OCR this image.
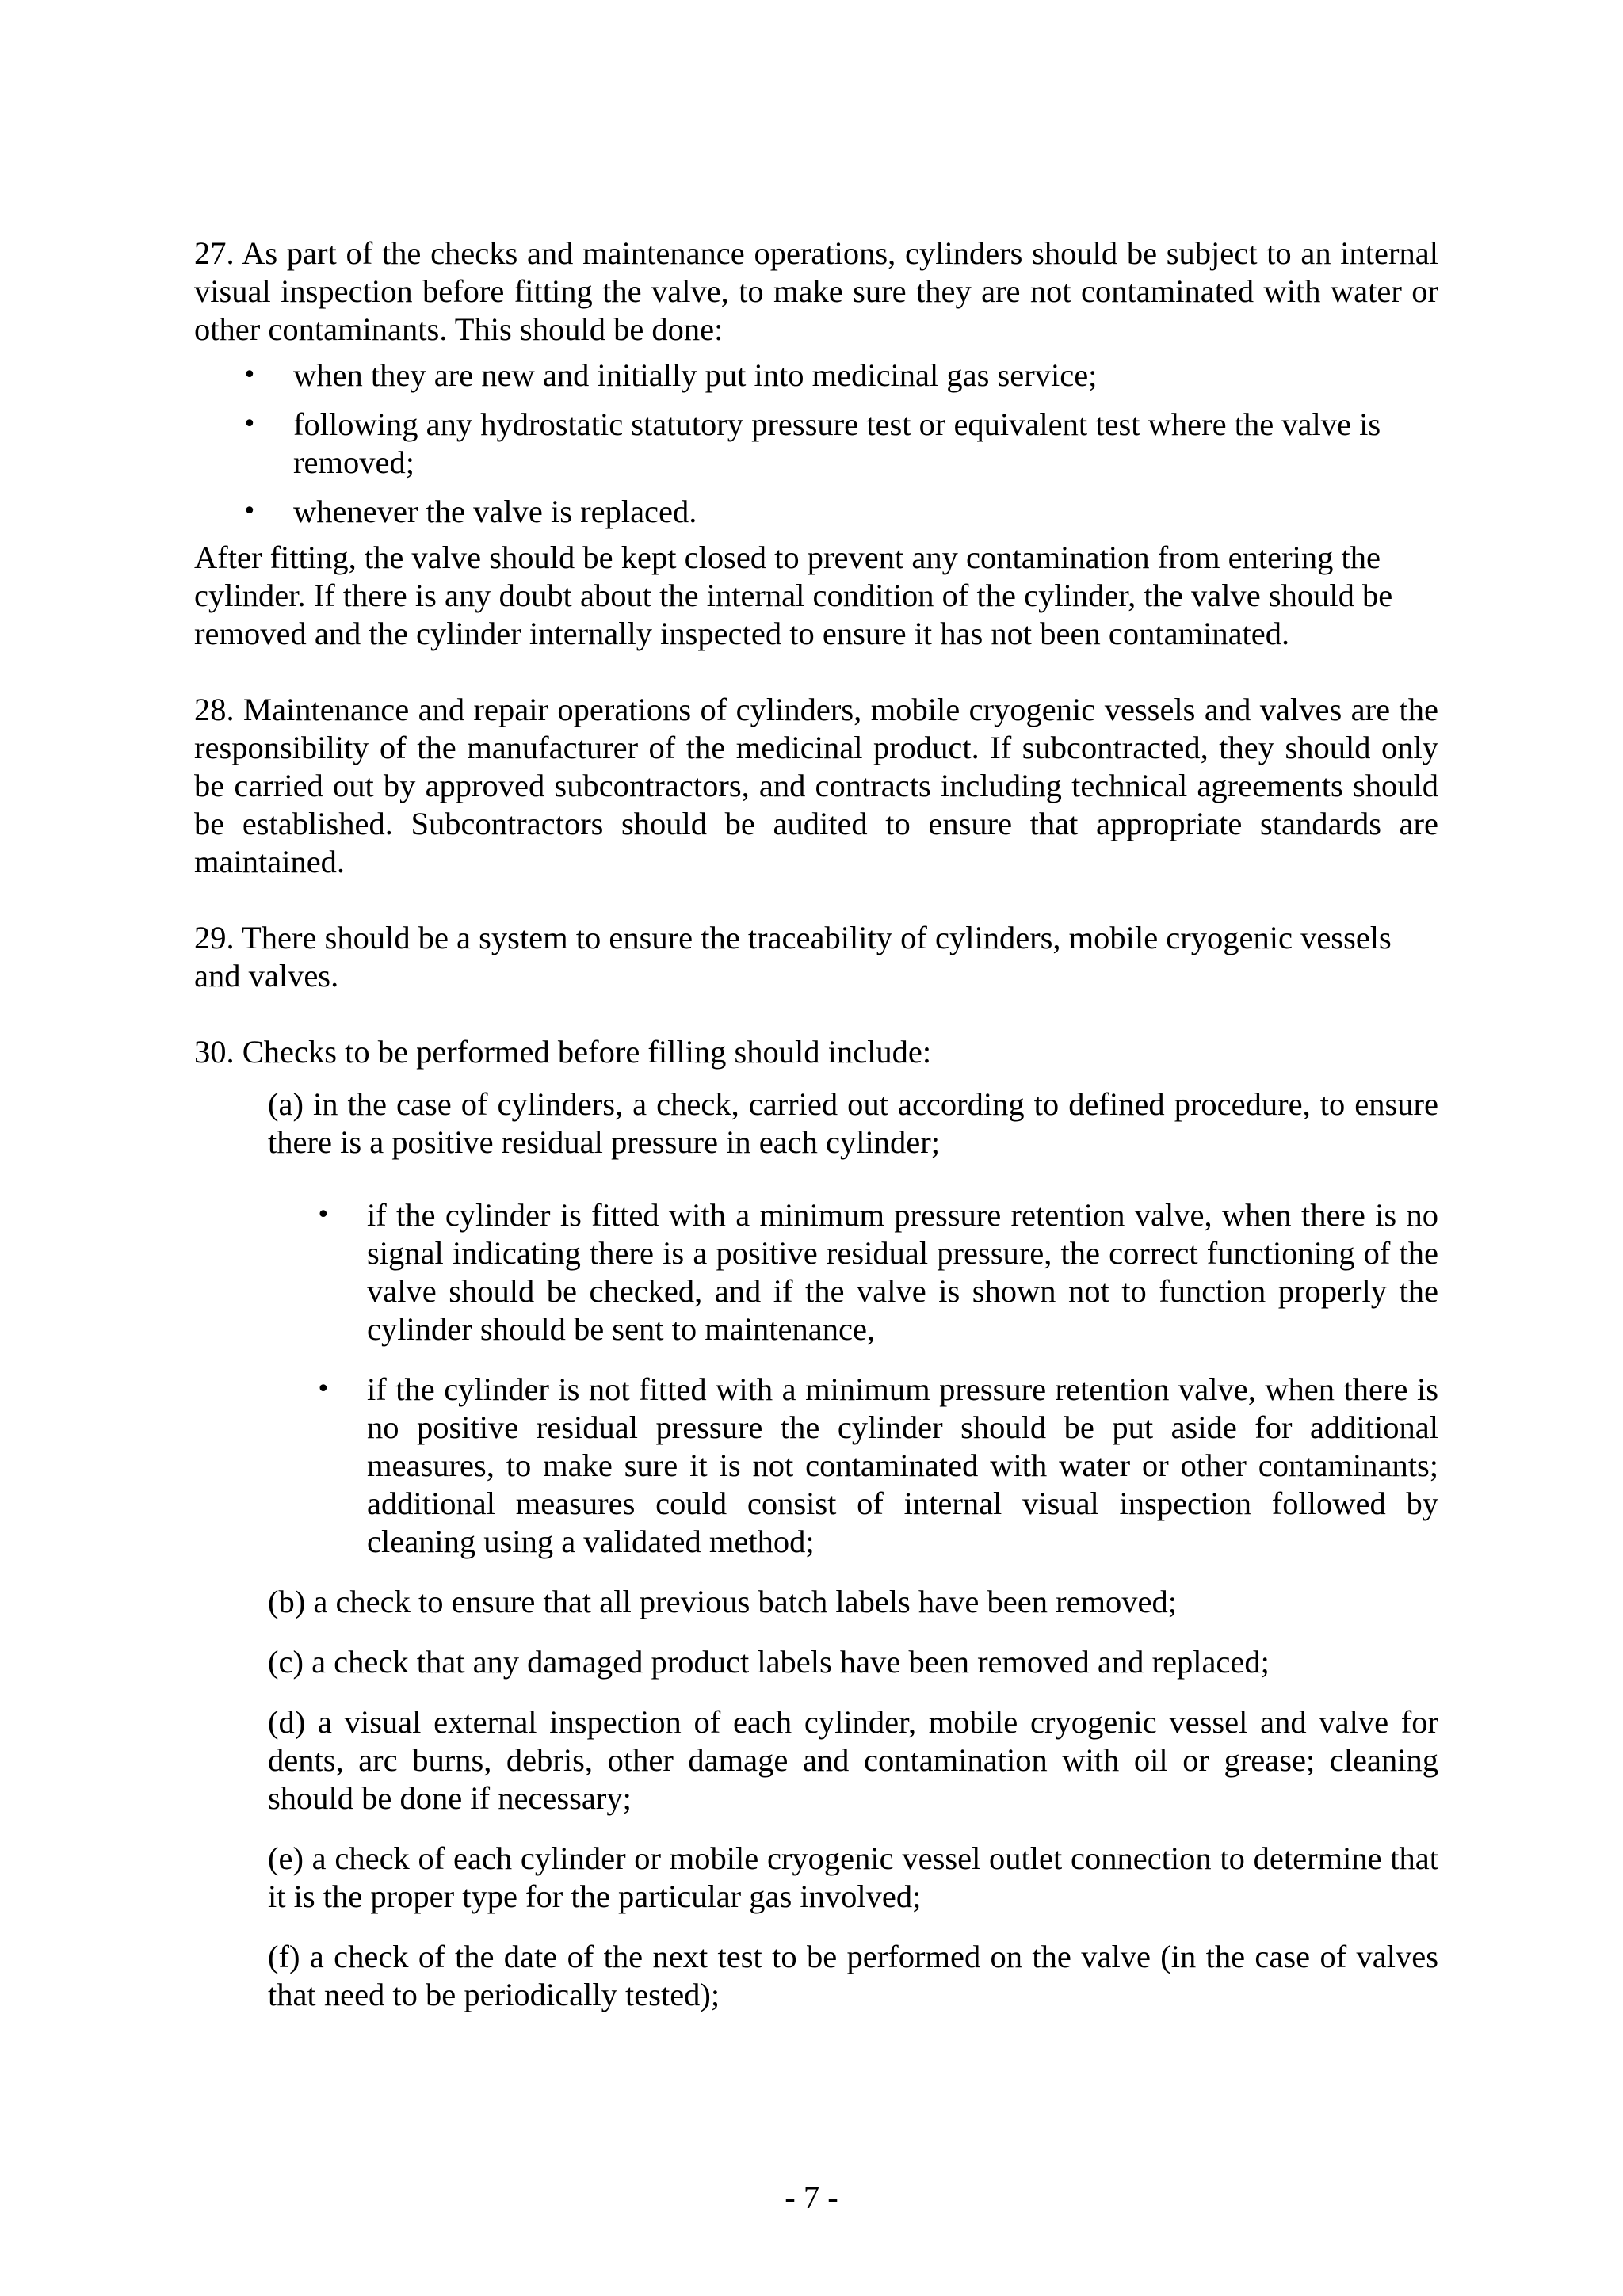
27. As part of the checks and maintenance operations, cylinders should be subject to an internal visual inspection before fitting the valve, to make sure they are not contaminated with water or other contaminants. This should be done:

• when they are new and initially put into medicinal gas service;
• following any hydrostatic statutory pressure test or equivalent test where the valve is removed;
• whenever the valve is replaced.

After fitting, the valve should be kept closed to prevent any contamination from entering the cylinder. If there is any doubt about the internal condition of the cylinder, the valve should be removed and the cylinder internally inspected to ensure it has not been contaminated.

28. Maintenance and repair operations of cylinders, mobile cryogenic vessels and valves are the responsibility of the manufacturer of the medicinal product. If subcontracted, they should only be carried out by approved subcontractors, and contracts including technical agreements should be established. Subcontractors should be audited to ensure that appropriate standards are maintained.

29. There should be a system to ensure the traceability of cylinders, mobile cryogenic vessels and valves.

30. Checks to be performed before filling should include:

(a) in the case of cylinders, a check, carried out according to defined procedure, to ensure there is a positive residual pressure in each cylinder;

• if the cylinder is fitted with a minimum pressure retention valve, when there is no signal indicating there is a positive residual pressure, the correct functioning of the valve should be checked, and if the valve is shown not to function properly the cylinder should be sent to maintenance,
• if the cylinder is not fitted with a minimum pressure retention valve, when there is no positive residual pressure the cylinder should be put aside for additional measures, to make sure it is not contaminated with water or other contaminants; additional measures could consist of internal visual inspection followed by cleaning using a validated method;

(b) a check to ensure that all previous batch labels have been removed;

(c) a check that any damaged product labels have been removed and replaced;

(d) a visual external inspection of each cylinder, mobile cryogenic vessel and valve for dents, arc burns, debris, other damage and contamination with oil or grease; cleaning should be done if necessary;

(e) a check of each cylinder or mobile cryogenic vessel outlet connection to determine that it is the proper type for the particular gas involved;

(f) a check of the date of the next test to be performed on the valve (in the case of valves that need to be periodically tested);

- 7 -
